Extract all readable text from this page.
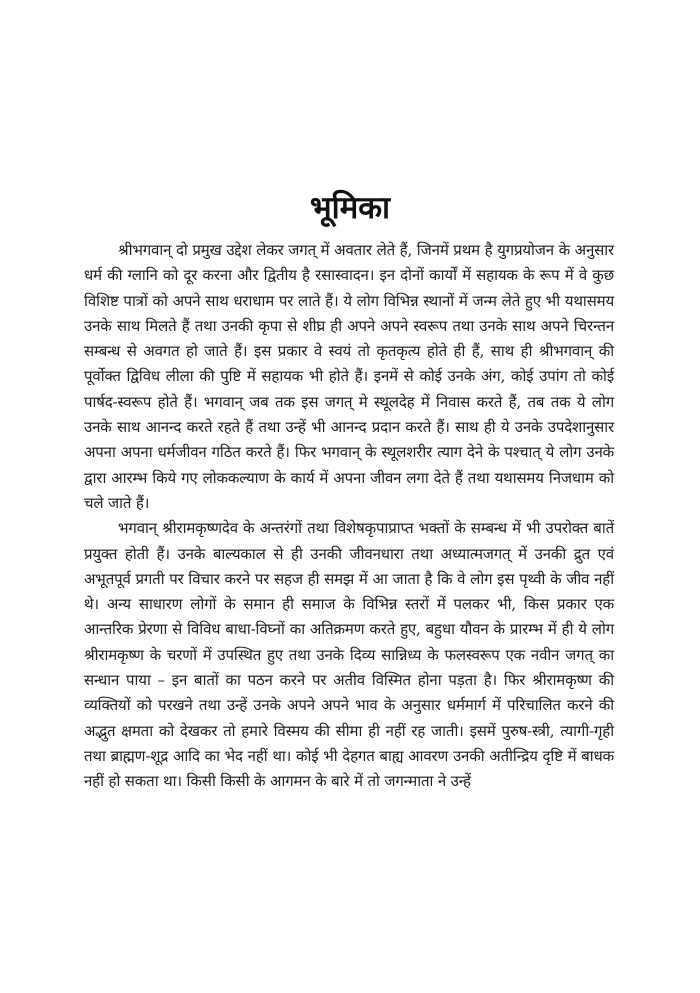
भूमिका

श्रीभगवान् दो प्रमुख उद्देश लेकर जगत् में अवतार लेते हैं, जिनमें प्रथम है युगप्रयोजन के अनुसार धर्म की ग्लानि को दूर करना और द्वितीय है रसास्वादन। इन दोनों कार्यों में सहायक के रूप में वे कुछ विशिष्ट पात्रों को अपने साथ धराधाम पर लाते हैं। ये लोग विभिन्न स्थानों में जन्म लेते हुए भी यथासमय उनके साथ मिलते हैं तथा उनकी कृपा से शीघ्र ही अपने अपने स्वरूप तथा उनके साथ अपने चिरन्तन सम्बन्ध से अवगत हो जाते हैं। इस प्रकार वे स्वयं तो कृतकृत्य होते ही हैं, साथ ही श्रीभगवान् की पूर्वोक्त द्विविध लीला की पुष्टि में सहायक भी होते हैं। इनमें से कोई उनके अंग, कोई उपांग तो कोई पार्षद-स्वरूप होते हैं। भगवान् जब तक इस जगत् मे स्थूलदेह में निवास करते हैं, तब तक ये लोग उनके साथ आनन्द करते रहते हैं तथा उन्हें भी आनन्द प्रदान करते हैं। साथ ही ये उनके उपदेशानुसार अपना अपना धर्मजीवन गठित करते हैं। फिर भगवान् के स्थूलशरीर त्याग देने के पश्चात् ये लोग उनके द्वारा आरम्भ किये गए लोककल्याण के कार्य में अपना जीवन लगा देते हैं तथा यथासमय निजधाम को चले जाते हैं।

भगवान् श्रीरामकृष्णदेव के अन्तरंगों तथा विशेषकृपाप्राप्त भक्तों के सम्बन्ध में भी उपरोक्त बातें प्रयुक्त होती हैं। उनके बाल्यकाल से ही उनकी जीवनधारा तथा अध्यात्मजगत् में उनकी द्रुत एवं अभूतपूर्व प्रगती पर विचार करने पर सहज ही समझ में आ जाता है कि वे लोग इस पृथ्वी के जीव नहीं थे। अन्य साधारण लोगों के समान ही समाज के विभिन्न स्तरों में पलकर भी, किस प्रकार एक आन्तरिक प्रेरणा से विविध बाधा-विघ्नों का अतिक्रमण करते हुए, बहुधा यौवन के प्रारम्भ में ही ये लोग श्रीरामकृष्ण के चरणों में उपस्थित हुए तथा उनके दिव्य सान्निध्य के फलस्वरूप एक नवीन जगत् का सन्धान पाया – इन बातों का पठन करने पर अतीव विस्मित होना पड़ता है। फिर श्रीरामकृष्ण की व्यक्तियों को परखने तथा उन्हें उनके अपने अपने भाव के अनुसार धर्ममार्ग में परिचालित करने की अद्भुत क्षमता को देखकर तो हमारे विस्मय की सीमा ही नहीं रह जाती। इसमें पुरुष-स्त्री, त्यागी-गृही तथा ब्राह्मण-शूद्र आदि का भेद नहीं था। कोई भी देहगत बाह्य आवरण उनकी अतीन्द्रिय दृष्टि में बाधक नहीं हो सकता था। किसी किसी के आगमन के बारे में तो जगन्माता ने उन्हें
